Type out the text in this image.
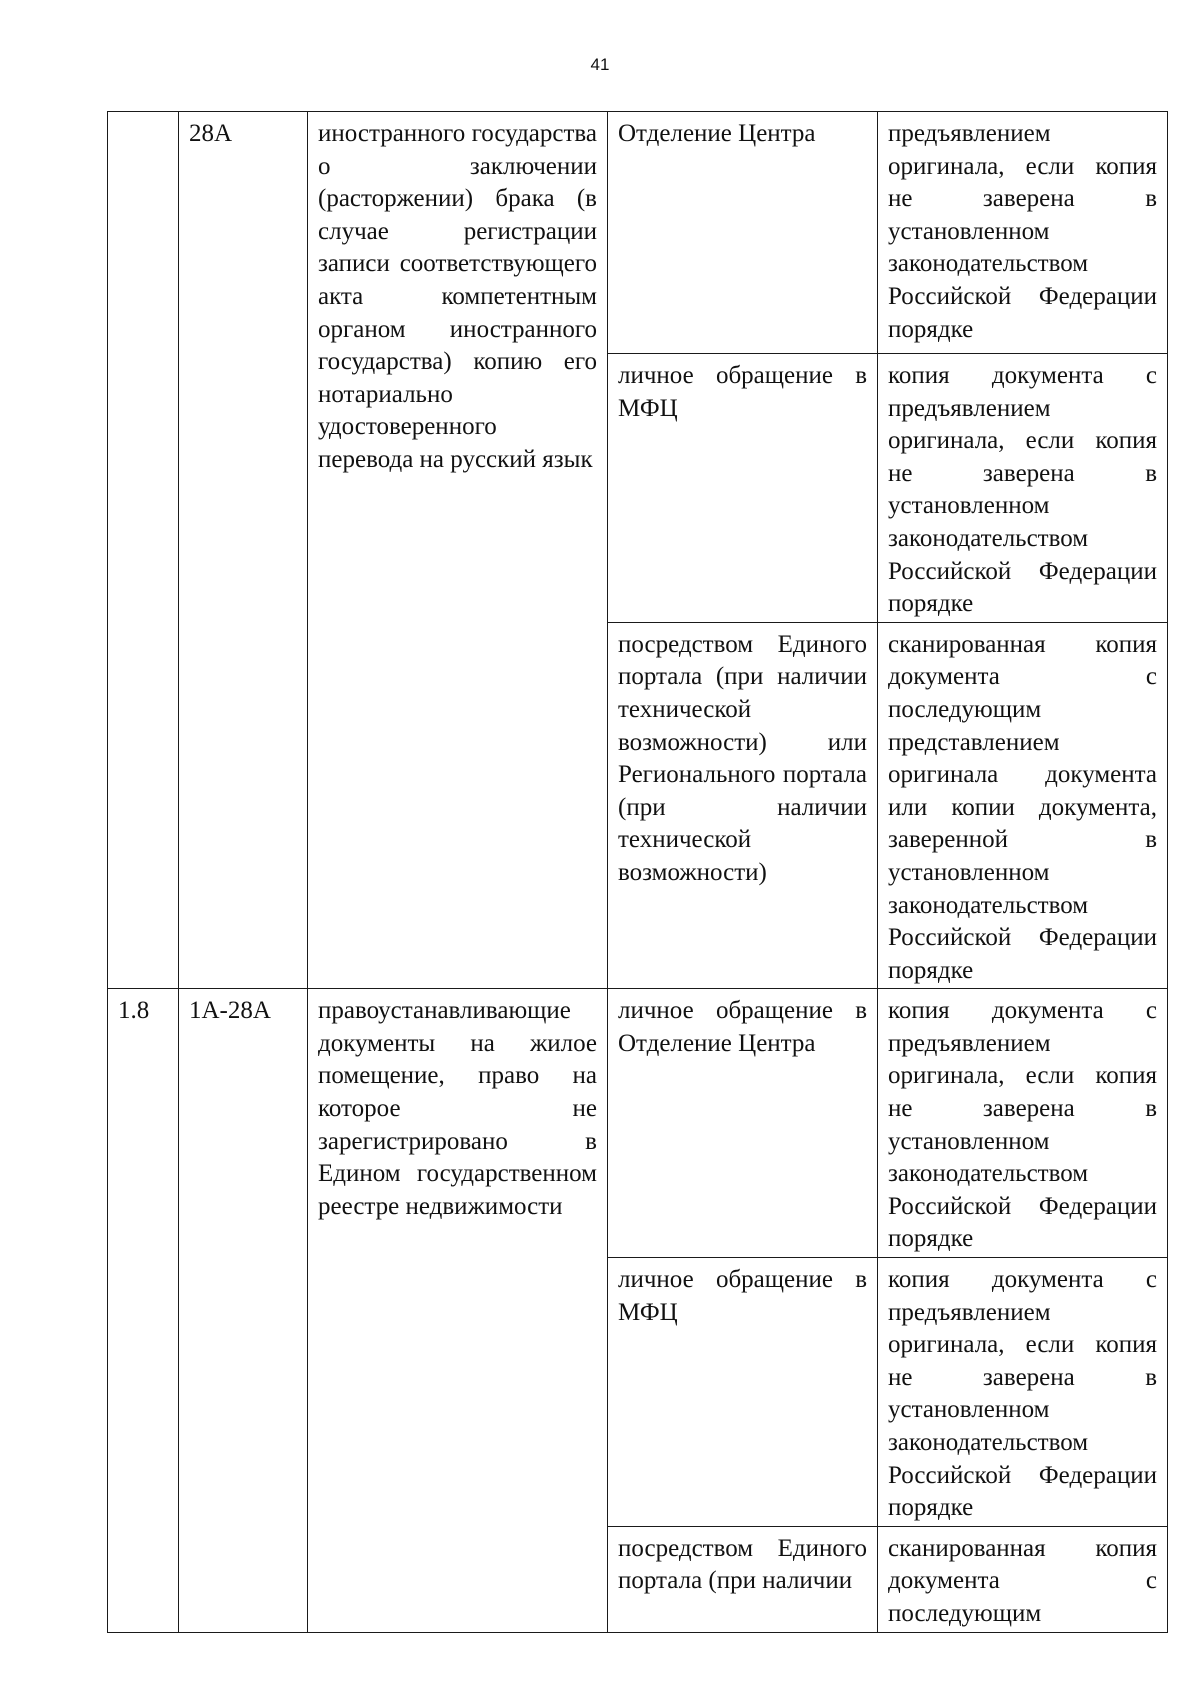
41
	28А	иностранного государства о заключении (расторжении) брака (в случае регистрации записи соответствующего акта компетентным органом иностранного государства) копию его нотариально удостоверенного перевода на русский язык	Отделение Центра	предъявлением оригинала, если копия не заверена в установленном законодательством Российской Федерации порядке
			личное обращение в МФЦ	копия документа с предъявлением оригинала, если копия не заверена в установленном законодательством Российской Федерации порядке
			посредством Единого портала (при наличии технической возможности) или Регионального портала (при наличии технической возможности)	сканированная копия документа с последующим представлением оригинала документа или копии документа, заверенной в установленном законодательством Российской Федерации порядке
1.8	1А-28А	правоустанавливающие документы на жилое помещение, право на которое не зарегистрировано в Едином государственном реестре недвижимости	личное обращение в Отделение Центра	копия документа с предъявлением оригинала, если копия не заверена в установленном законодательством Российской Федерации порядке
			личное обращение в МФЦ	копия документа с предъявлением оригинала, если копия не заверена в установленном законодательством Российской Федерации порядке
			посредством Единого портала (при наличии	сканированная копия документа с последующим
